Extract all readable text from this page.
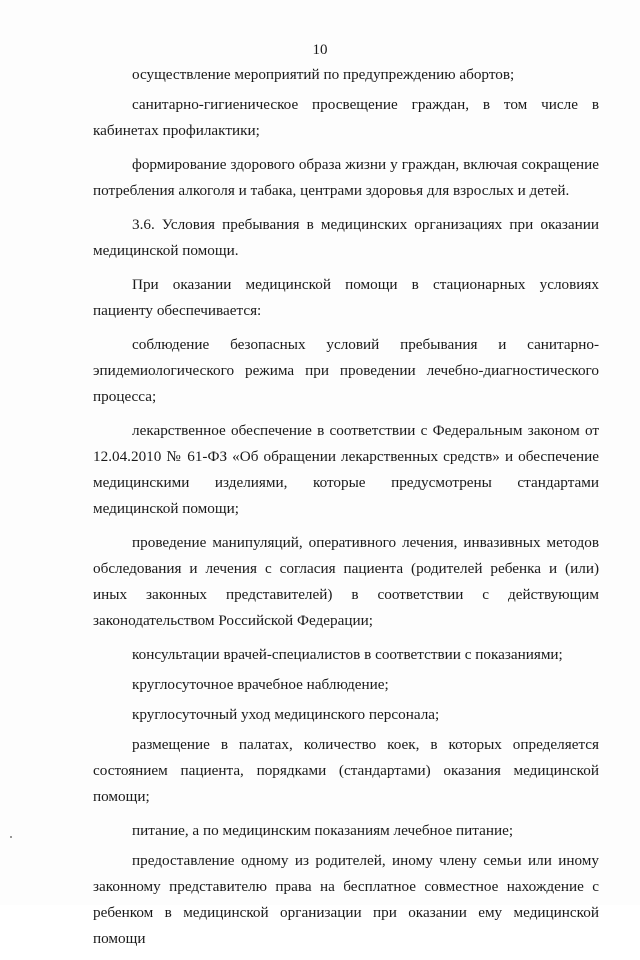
10

осуществление мероприятий по предупреждению абортов;

санитарно-гигиеническое просвещение граждан, в том числе в кабинетах профилактики;

формирование здорового образа жизни у граждан, включая сокращение потребления алкоголя и табака, центрами здоровья для взрослых и детей.

3.6. Условия пребывания в медицинских организациях при оказании медицинской помощи.

При оказании медицинской помощи в стационарных условиях пациенту обеспечивается:

соблюдение безопасных условий пребывания и санитарно-эпидемиологического режима при проведении лечебно-диагностического процесса;

лекарственное обеспечение в соответствии с Федеральным законом от 12.04.2010 № 61-ФЗ «Об обращении лекарственных средств» и обеспечение медицинскими изделиями, которые предусмотрены стандартами медицинской помощи;

проведение манипуляций, оперативного лечения, инвазивных методов обследования и лечения с согласия пациента (родителей ребенка и (или) иных законных представителей) в соответствии с действующим законодательством Российской Федерации;

консультации врачей-специалистов в соответствии с показаниями;

круглосуточное врачебное наблюдение;

круглосуточный уход медицинского персонала;

размещение в палатах, количество коек, в которых определяется состоянием пациента, порядками (стандартами) оказания медицинской помощи;

питание, а по медицинским показаниям лечебное питание;

предоставление одному из родителей, иному члену семьи или иному законному представителю права на бесплатное совместное нахождение с ребенком в медицинской организации при оказании ему медицинской помощи
